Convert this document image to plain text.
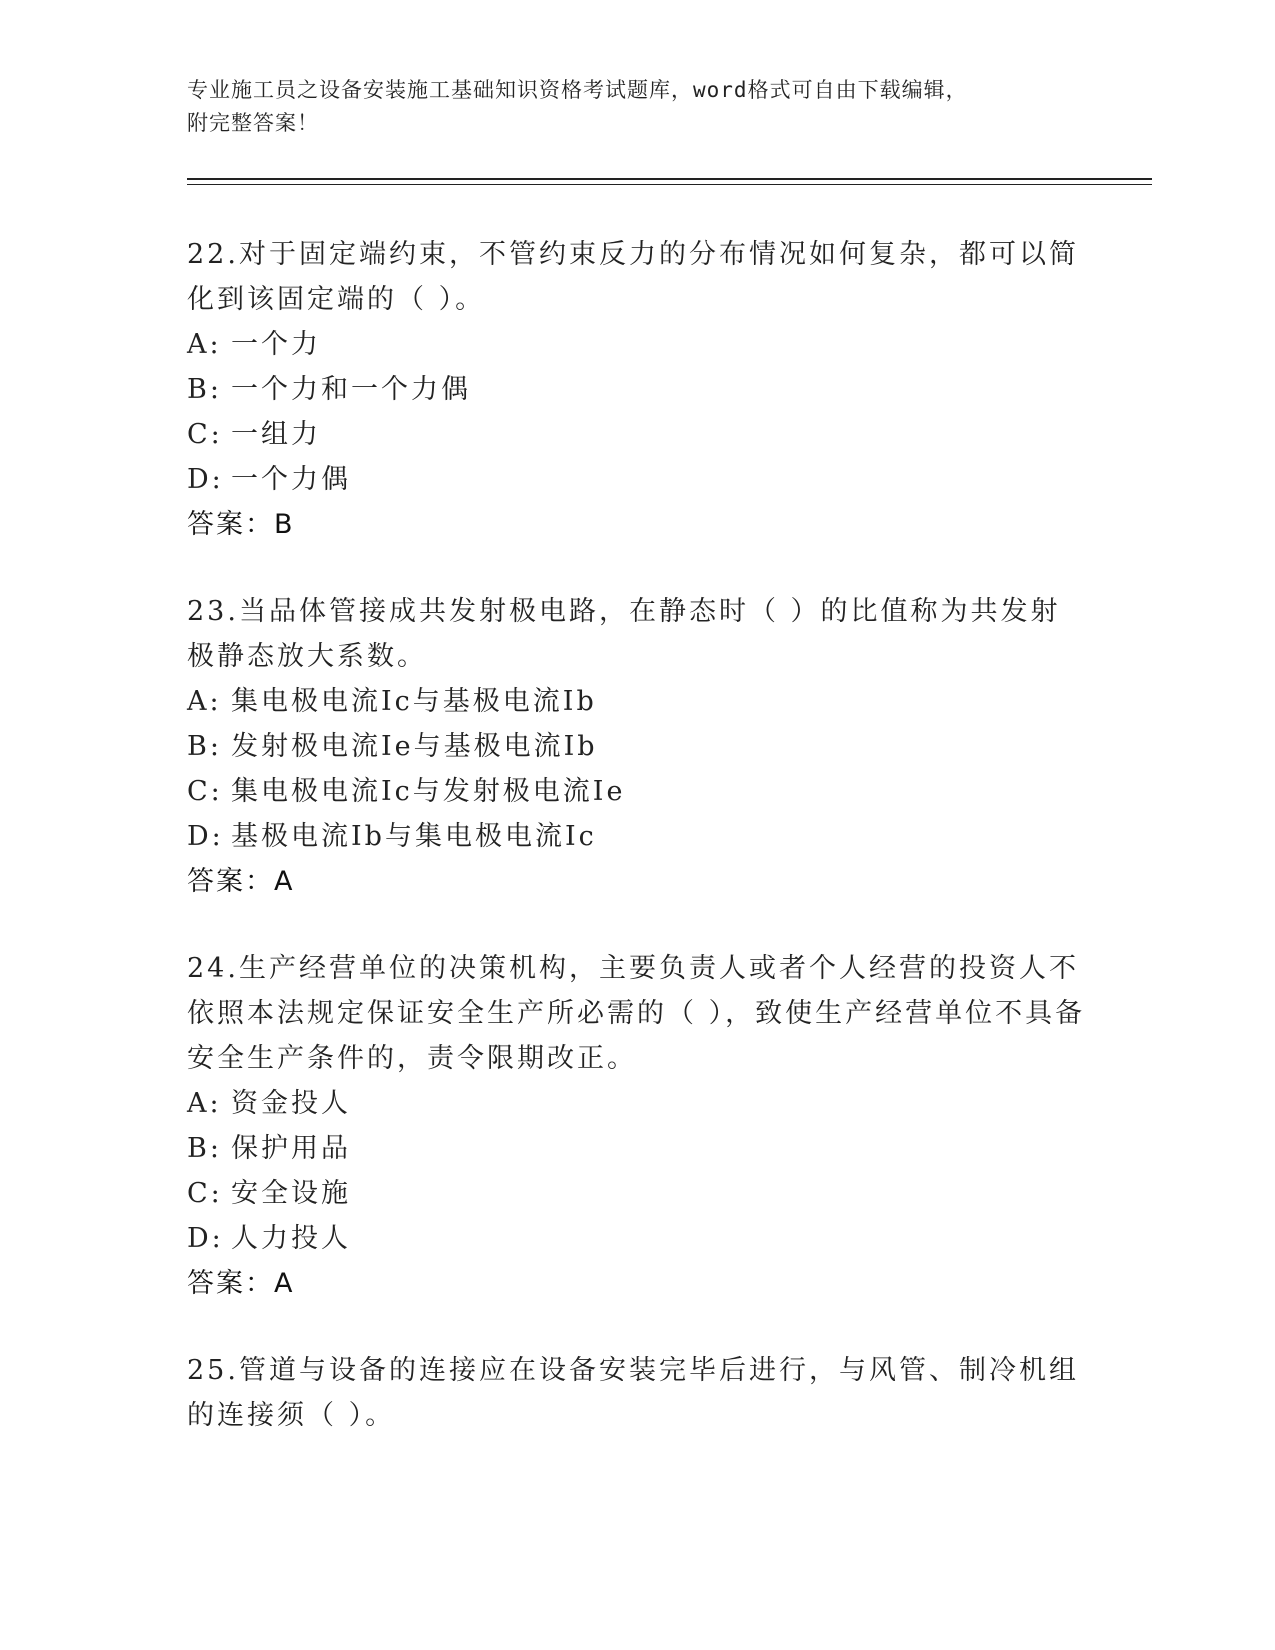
专业施工员之设备安装施工基础知识资格考试题库，word格式可自由下载编辑，
附完整答案！

22.对于固定端约束，不管约束反力的分布情况如何复杂，都可以简化到该固定端的（ ）。

A: 一个力

B: 一个力和一个力偶

C: 一组力

D: 一个力偶

答案：B

23.当品体管接成共发射极电路，在静态时（ ）的比值称为共发射极静态放大系数。

A: 集电极电流Ic与基极电流Ib

B: 发射极电流Ie与基极电流Ib

C: 集电极电流Ic与发射极电流Ie

D: 基极电流Ib与集电极电流Ic

答案：A

24.生产经营单位的决策机构，主要负责人或者个人经营的投资人不依照本法规定保证安全生产所必需的（ ），致使生产经营单位不具备安全生产条件的，责令限期改正。

A: 资金投人

B: 保护用品

C: 安全设施

D: 人力投人

答案：A

25.管道与设备的连接应在设备安装完毕后进行，与风管、制冷机组的连接须（ ）。
